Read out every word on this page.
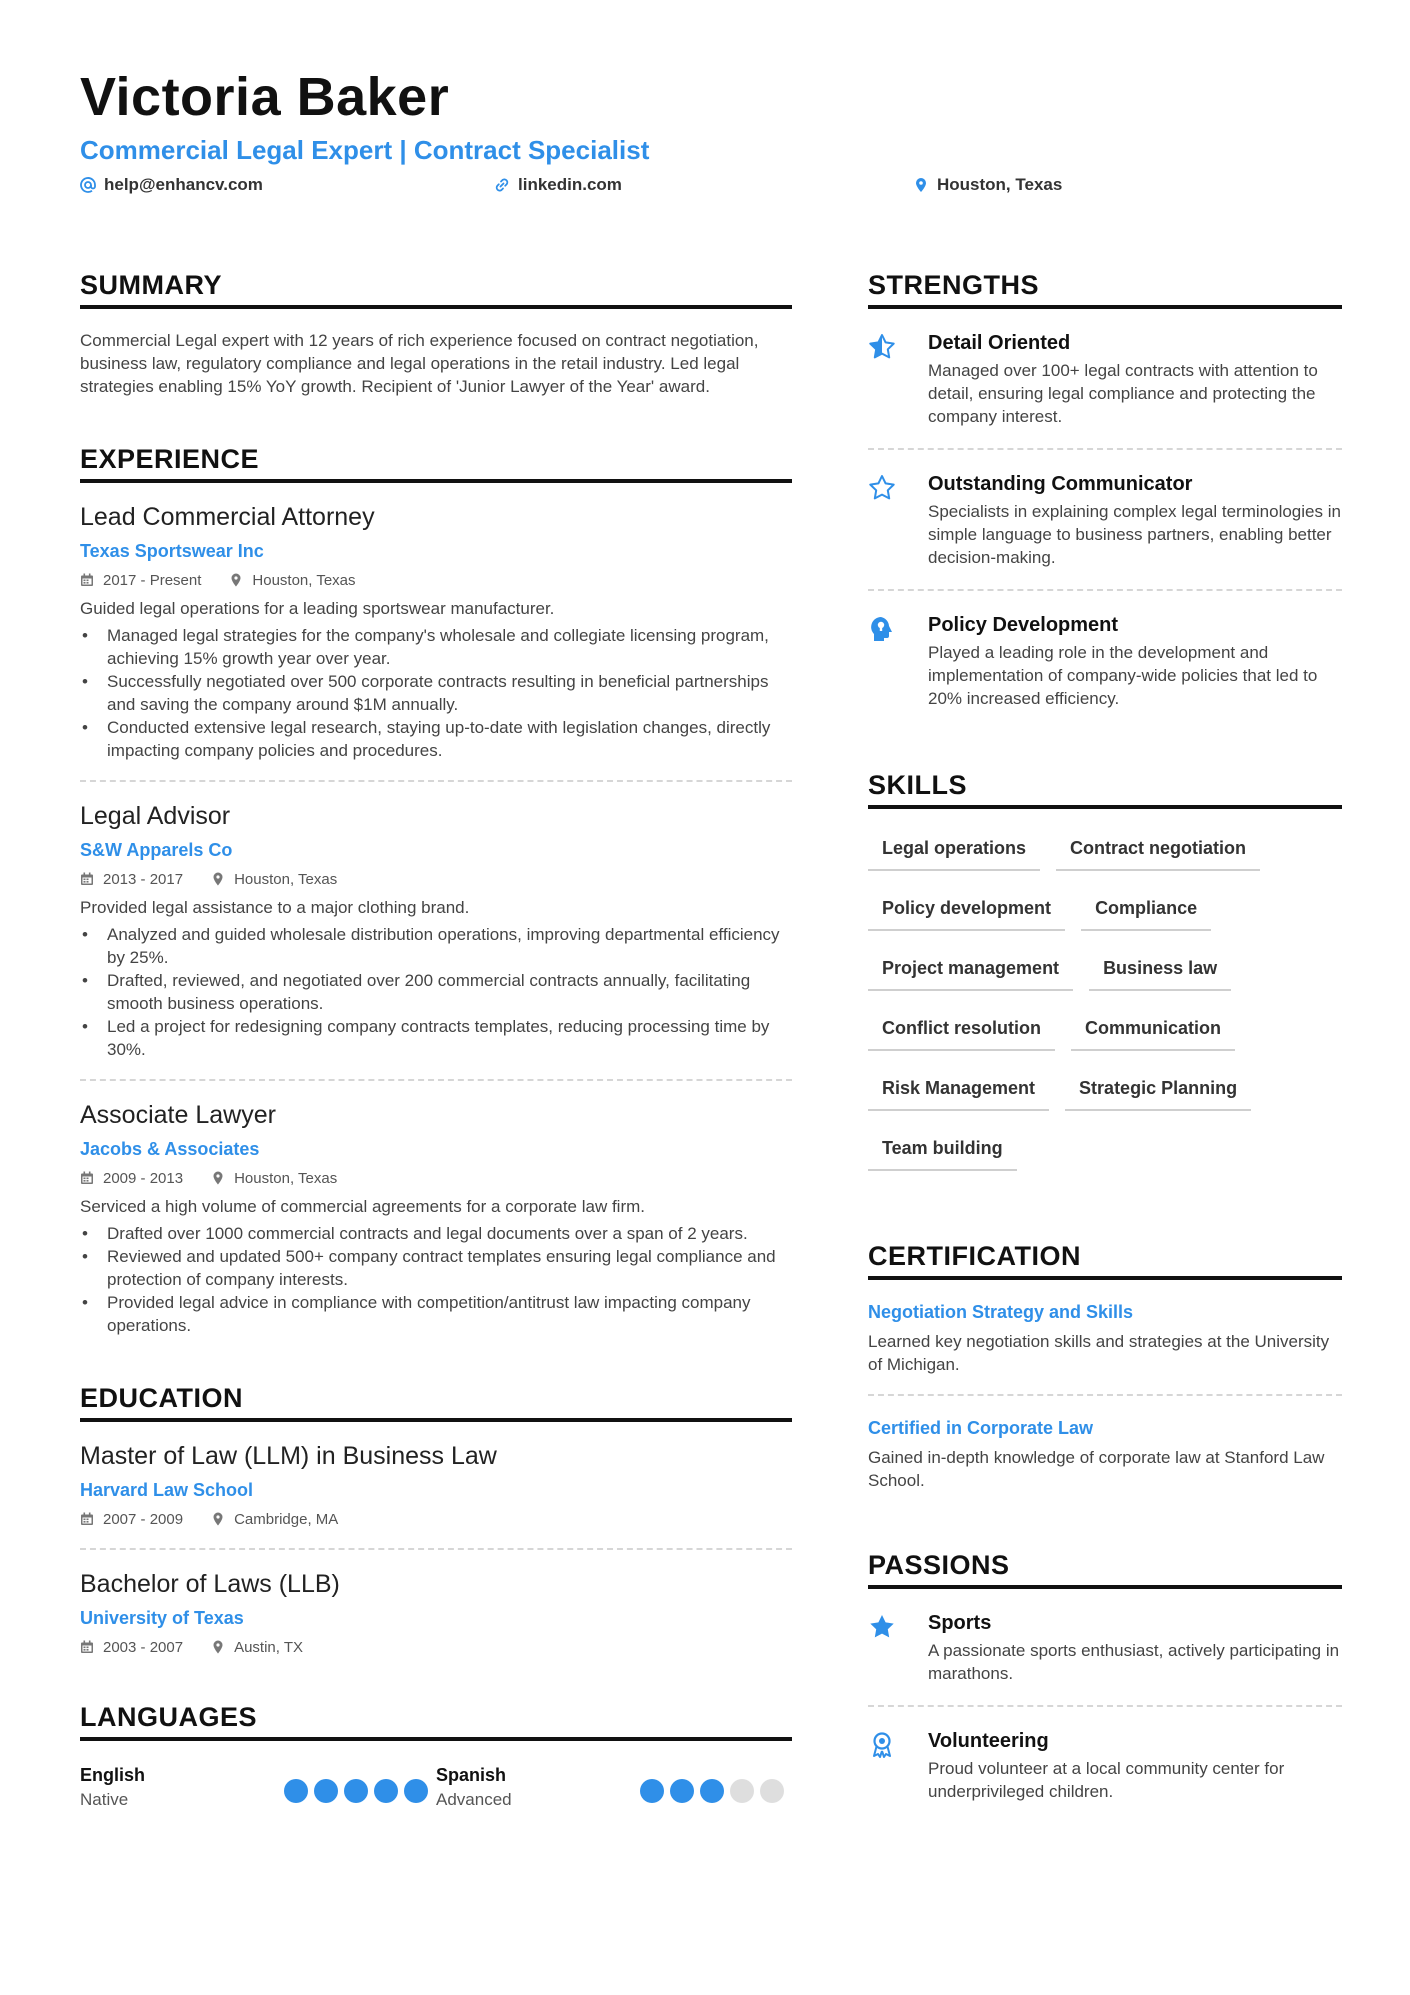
Victoria Baker
Commercial Legal Expert | Contract Specialist
help@enhancv.com	linkedin.com	Houston, Texas
SUMMARY
Commercial Legal expert with 12 years of rich experience focused on contract negotiation, business law, regulatory compliance and legal operations in the retail industry. Led legal strategies enabling 15% YoY growth. Recipient of 'Junior Lawyer of the Year' award.
EXPERIENCE
Lead Commercial Attorney
Texas Sportswear Inc
2017 - Present	Houston, Texas
Guided legal operations for a leading sportswear manufacturer.
• Managed legal strategies for the company's wholesale and collegiate licensing program, achieving 15% growth year over year.
• Successfully negotiated over 500 corporate contracts resulting in beneficial partnerships and saving the company around $1M annually.
• Conducted extensive legal research, staying up-to-date with legislation changes, directly impacting company policies and procedures.
Legal Advisor
S&W Apparels Co
2013 - 2017	Houston, Texas
Provided legal assistance to a major clothing brand.
• Analyzed and guided wholesale distribution operations, improving departmental efficiency by 25%.
• Drafted, reviewed, and negotiated over 200 commercial contracts annually, facilitating smooth business operations.
• Led a project for redesigning company contracts templates, reducing processing time by 30%.
Associate Lawyer
Jacobs & Associates
2009 - 2013	Houston, Texas
Serviced a high volume of commercial agreements for a corporate law firm.
• Drafted over 1000 commercial contracts and legal documents over a span of 2 years.
• Reviewed and updated 500+ company contract templates ensuring legal compliance and protection of company interests.
• Provided legal advice in compliance with competition/antitrust law impacting company operations.
EDUCATION
Master of Law (LLM) in Business Law
Harvard Law School
2007 - 2009	Cambridge, MA
Bachelor of Laws (LLB)
University of Texas
2003 - 2007	Austin, TX
LANGUAGES
English
Native
Spanish
Advanced
STRENGTHS
Detail Oriented
Managed over 100+ legal contracts with attention to detail, ensuring legal compliance and protecting the company interest.
Outstanding Communicator
Specialists in explaining complex legal terminologies in simple language to business partners, enabling better decision-making.
Policy Development
Played a leading role in the development and implementation of company-wide policies that led to 20% increased efficiency.
SKILLS
Legal operations	Contract negotiation
Policy development	Compliance
Project management	Business law
Conflict resolution	Communication
Risk Management	Strategic Planning
Team building
CERTIFICATION
Negotiation Strategy and Skills
Learned key negotiation skills and strategies at the University of Michigan.
Certified in Corporate Law
Gained in-depth knowledge of corporate law at Stanford Law School.
PASSIONS
Sports
A passionate sports enthusiast, actively participating in marathons.
Volunteering
Proud volunteer at a local community center for underprivileged children.
